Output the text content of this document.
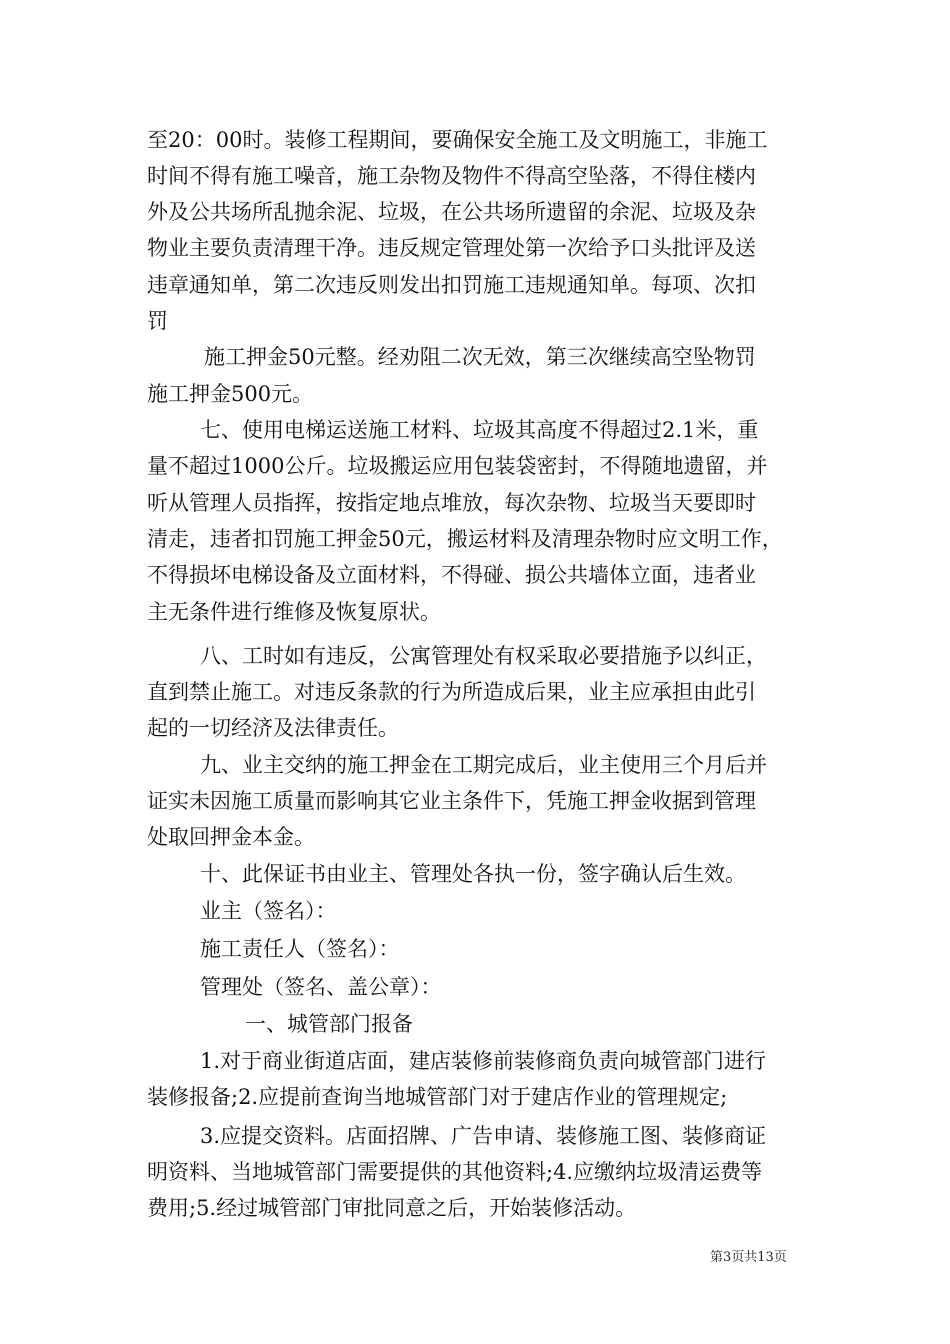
至20：00时。装修工程期间，要确保安全施工及文明施工，非施工
时间不得有施工噪音，施工杂物及物件不得高空坠落，不得住楼内
外及公共场所乱抛余泥、垃圾，在公共场所遗留的余泥、垃圾及杂
物业主要负责清理干净。违反规定管理处第一次给予口头批评及送
违章通知单，第二次违反则发出扣罚施工违规通知单。每项、次扣
罚
施工押金50元整。经劝阻二次无效，第三次继续高空坠物罚
施工押金500元。
七、使用电梯运送施工材料、垃圾其高度不得超过2.1米，重
量不超过1000公斤。垃圾搬运应用包装袋密封，不得随地遗留，并
听从管理人员指挥，按指定地点堆放，每次杂物、垃圾当天要即时
清走，违者扣罚施工押金50元，搬运材料及清理杂物时应文明工作，
不得损坏电梯设备及立面材料，不得碰、损公共墙体立面，违者业
主无条件进行维修及恢复原状。
八、工时如有违反，公寓管理处有权采取必要措施予以纠正，
直到禁止施工。对违反条款的行为所造成后果，业主应承担由此引
起的一切经济及法律责任。
九、业主交纳的施工押金在工期完成后，业主使用三个月后并
证实未因施工质量而影响其它业主条件下，凭施工押金收据到管理
处取回押金本金。
十、此保证书由业主、管理处各执一份，签字确认后生效。
业主（签名）：
施工责任人（签名）：
管理处（签名、盖公章）：
一、城管部门报备
1.对于商业街道店面，建店装修前装修商负责向城管部门进行
装修报备;2.应提前查询当地城管部门对于建店作业的管理规定;
3.应提交资料。店面招牌、广告申请、装修施工图、装修商证
明资料、当地城管部门需要提供的其他资料;4.应缴纳垃圾清运费等
费用;5.经过城管部门审批同意之后，开始装修活动。
第3页共13页
